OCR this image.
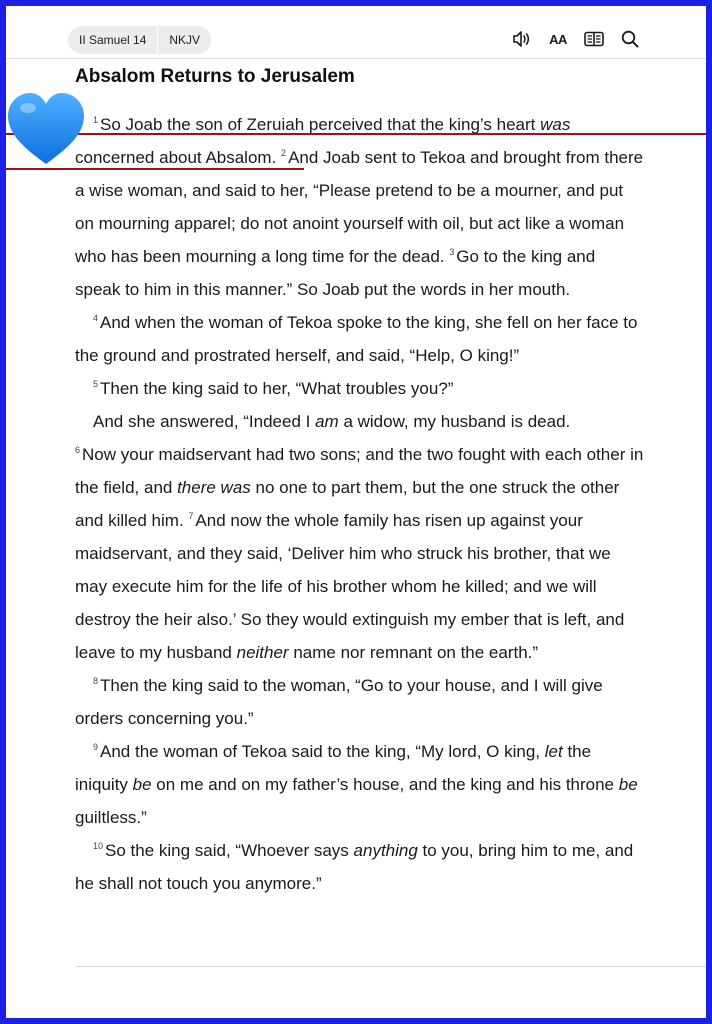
II Samuel 14	NKJV	AA
Absalom Returns to Jerusalem

$^1$ So Joab the son of Zeruiah perceived that the king’s heart was concerned about Absalom. $^2$ And Joab sent to Tekoa and brought from there a wise woman, and said to her, “Please pretend to be a mourner, and put on mourning apparel; do not anoint yourself with oil, but act like a woman who has been mourning a long time for the dead. $^3$ Go to the king and speak to him in this manner.” So Joab put the words in her mouth.

$^4$ And when the woman of Tekoa spoke to the king, she fell on her face to the ground and prostrated herself, and said, “Help, O king!”

$^5$ Then the king said to her, “What troubles you?”

And she answered, “Indeed I am a widow, my husband is dead.

$^6$ Now your maidservant had two sons; and the two fought with each other in the field, and there was no one to part them, but the one struck the other and killed him. $^7$ And now the whole family has risen up against your maidservant, and they said, ‘Deliver him who struck his brother, that we may execute him for the life of his brother whom he killed; and we will destroy the heir also.’ So they would extinguish my ember that is left, and leave to my husband neither name nor remnant on the earth.”

$^8$ Then the king said to the woman, “Go to your house, and I will give orders concerning you.”

$^9$ And the woman of Tekoa said to the king, “My lord, O king, let the iniquity be on me and on my father’s house, and the king and his throne be guiltless.”

$^{10}$ So the king said, “Whoever says anything to you, bring him to me, and he shall not touch you anymore.”
